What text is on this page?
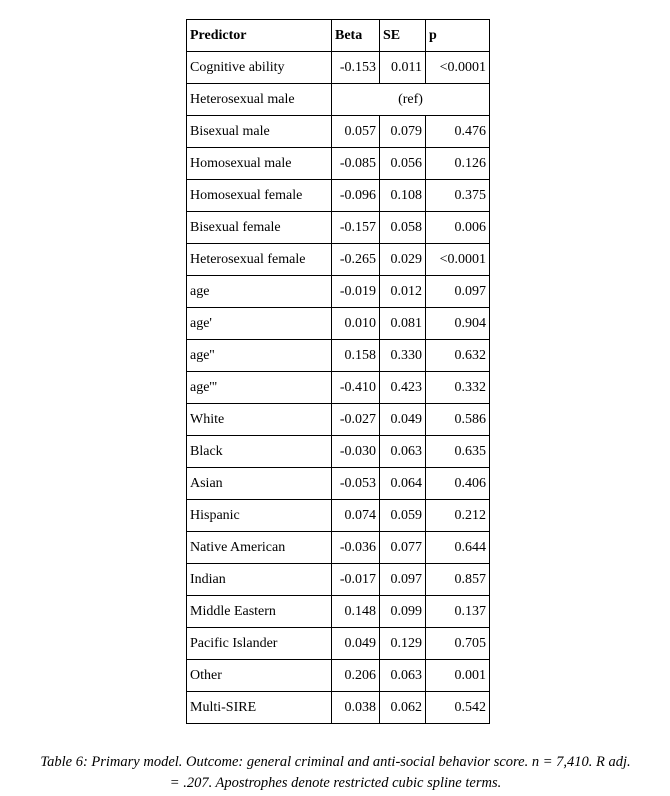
Predictor	Beta	SE	p
Cognitive ability	-0.153	0.011	<0.0001
Heterosexual male	(ref)		
Bisexual male	0.057	0.079	0.476
Homosexual male	-0.085	0.056	0.126
Homosexual female	-0.096	0.108	0.375
Bisexual female	-0.157	0.058	0.006
Heterosexual female	-0.265	0.029	<0.0001
age	-0.019	0.012	0.097
age'	0.010	0.081	0.904
age''	0.158	0.330	0.632
age'''	-0.410	0.423	0.332
White	-0.027	0.049	0.586
Black	-0.030	0.063	0.635
Asian	-0.053	0.064	0.406
Hispanic	0.074	0.059	0.212
Native American	-0.036	0.077	0.644
Indian	-0.017	0.097	0.857
Middle Eastern	0.148	0.099	0.137
Pacific Islander	0.049	0.129	0.705
Other	0.206	0.063	0.001
Multi-SIRE	0.038	0.062	0.542
Table 6: Primary model. Outcome: general criminal and anti-social behavior score. n = 7,410. R adj.
= .207. Apostrophes denote restricted cubic spline terms.
